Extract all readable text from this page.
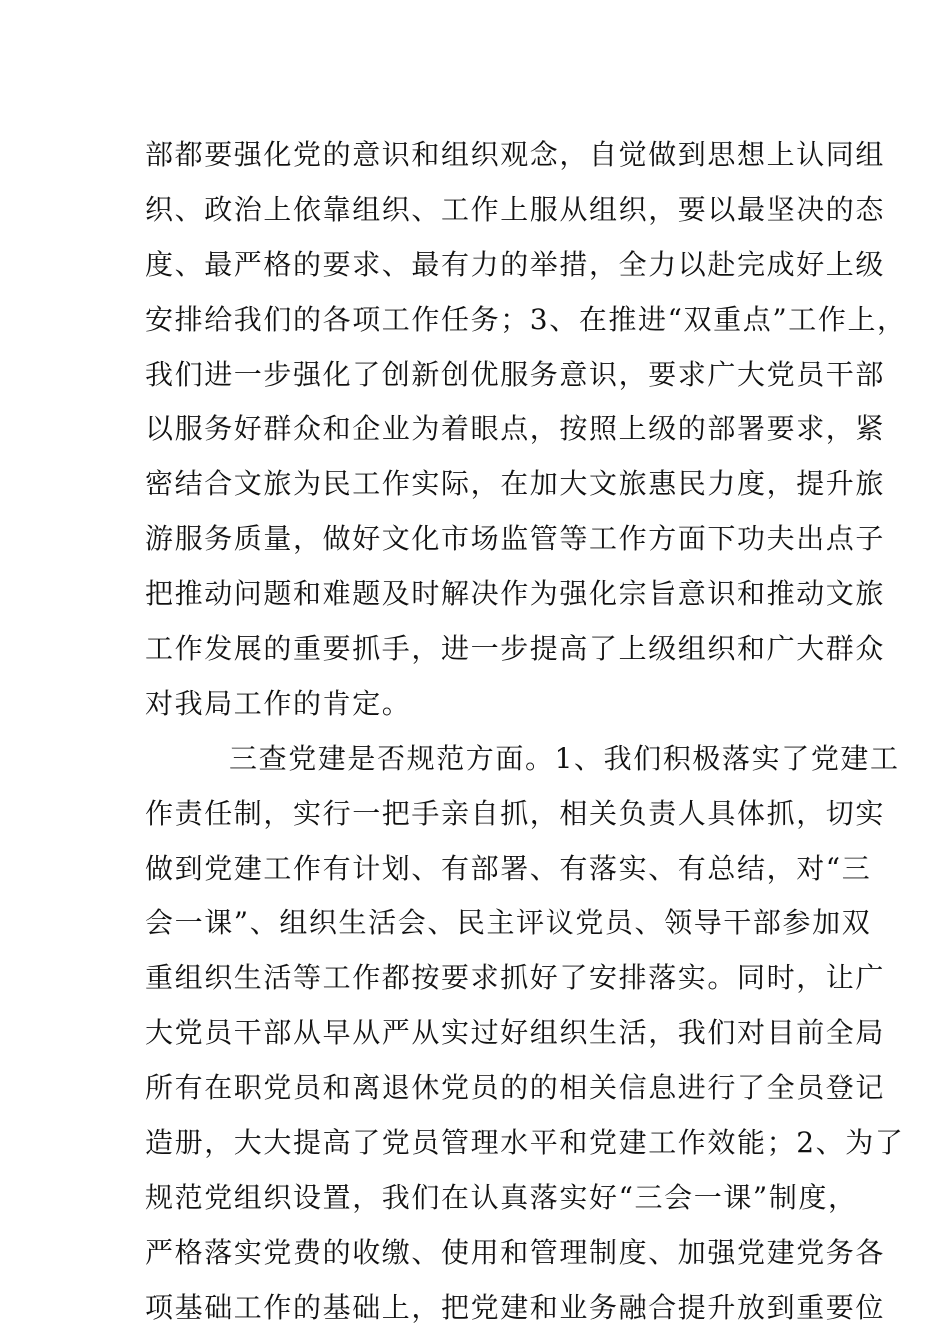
部都要强化党的意识和组织观念，自觉做到思想上认同组
织、政治上依靠组织、工作上服从组织，要以最坚决的态
度、最严格的要求、最有力的举措，全力以赴完成好上级
安排给我们的各项工作任务；3、在推进“双重点”工作上，
我们进一步强化了创新创优服务意识，要求广大党员干部
以服务好群众和企业为着眼点，按照上级的部署要求，紧
密结合文旅为民工作实际，在加大文旅惠民力度，提升旅
游服务质量，做好文化市场监管等工作方面下功夫出点子
把推动问题和难题及时解决作为强化宗旨意识和推动文旅
工作发展的重要抓手，进一步提高了上级组织和广大群众
对我局工作的肯定。
三查党建是否规范方面。1、我们积极落实了党建工
作责任制，实行一把手亲自抓，相关负责人具体抓，切实
做到党建工作有计划、有部署、有落实、有总结，对“三
会一课”、组织生活会、民主评议党员、领导干部参加双
重组织生活等工作都按要求抓好了安排落实。同时，让广
大党员干部从早从严从实过好组织生活，我们对目前全局
所有在职党员和离退休党员的的相关信息进行了全员登记
造册，大大提高了党员管理水平和党建工作效能；2、为了
规范党组织设置，我们在认真落实好“三会一课”制度，
严格落实党费的收缴、使用和管理制度、加强党建党务各
项基础工作的基础上，把党建和业务融合提升放到重要位
